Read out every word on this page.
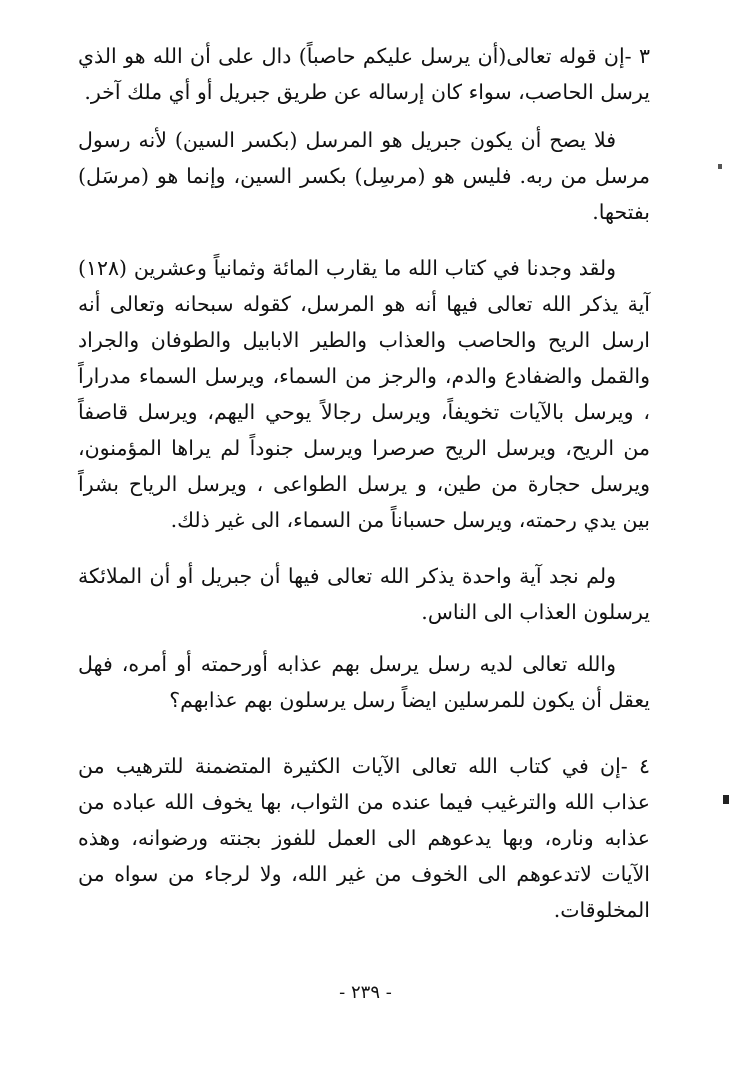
٣ -إن قوله تعالى(أن يرسل عليكم حاصباً) دال على أن الله هو الذي يرسل الحاصب، سواء كان إرساله عن طريق جبريل أو أي ملك آخر.

فلا يصح أن يكون جبريل هو المرسل (بكسر السين) لأنه رسول مرسل من ربه. فليس هو (مرسِل) بكسر السين، وإنما هو (مرسَل) بفتحها.

ولقد وجدنا في كتاب الله ما يقارب المائة وثمانياً وعشرين (١٢٨) آية يذكر الله تعالى فيها أنه هو المرسل، كقوله سبحانه وتعالى أنه ارسل الريح والحاصب والعذاب والطير الابابيل والطوفان والجراد والقمل والضفادع والدم، والرجز من السماء، ويرسل السماء مدراراً ، ويرسل بالآيات تخويفاً، ويرسل رجالاً يوحي اليهم، ويرسل قاصفاً من الريح، ويرسل الريح صرصرا ويرسل جنوداً لم يراها المؤمنون، ويرسل حجارة من طين، و يرسل الطواعى ، ويرسل الرياح بشراً بين يدي رحمته، ويرسل حسباناً من السماء، الى غير ذلك.

ولم نجد آية واحدة يذكر الله تعالى فيها أن جبريل أو أن الملائكة يرسلون العذاب الى الناس.

والله تعالى لديه رسل يرسل بهم عذابه أورحمته أو أمره، فهل يعقل أن يكون للمرسلين ايضاً رسل يرسلون بهم عذابهم؟

٤ -إن في كتاب الله تعالى الآيات الكثيرة المتضمنة للترهيب من عذاب الله والترغيب فيما عنده من الثواب، بها يخوف الله عباده من عذابه وناره، وبها يدعوهم الى العمل للفوز بجنته ورضوانه، وهذه الآيات لاتدعوهم الى الخوف من غير الله، ولا لرجاء من سواه من المخلوقات.

- ٢٣٩ -
